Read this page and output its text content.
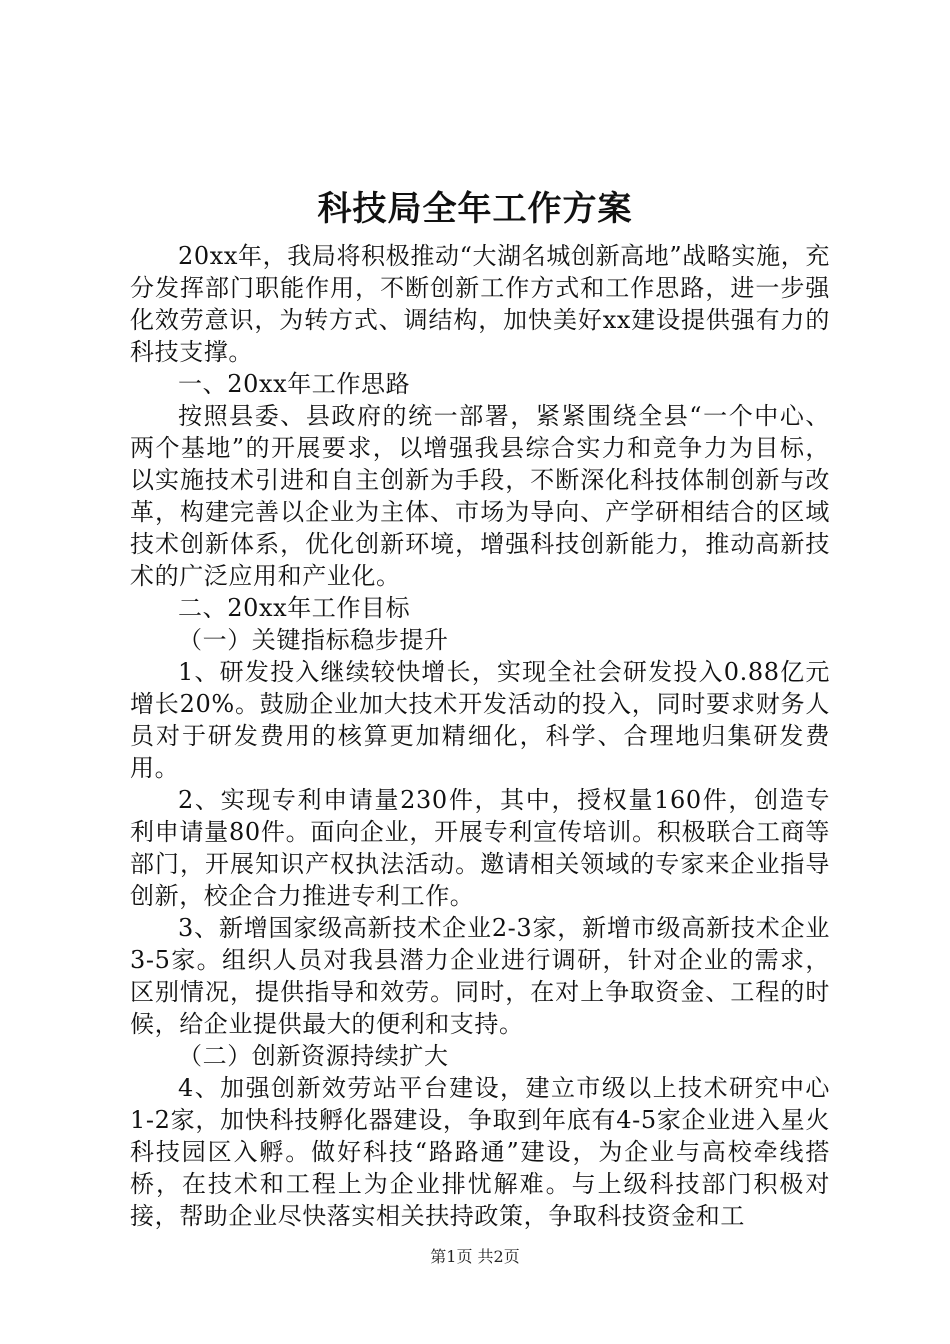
科技局全年工作方案

20xx年，我局将积极推动“大湖名城创新高地”战略实施，充分发挥部门职能作用，不断创新工作方式和工作思路，进一步强化效劳意识，为转方式、调结构，加快美好xx建设提供强有力的科技支撑。

一、20xx年工作思路

按照县委、县政府的统一部署，紧紧围绕全县“一个中心、两个基地”的开展要求，以增强我县综合实力和竞争力为目标，以实施技术引进和自主创新为手段，不断深化科技体制创新与改革，构建完善以企业为主体、市场为导向、产学研相结合的区域技术创新体系，优化创新环境，增强科技创新能力，推动高新技术的广泛应用和产业化。

二、20xx年工作目标

（一）关键指标稳步提升

1、研发投入继续较快增长，实现全社会研发投入0.88亿元增长20%。鼓励企业加大技术开发活动的投入，同时要求财务人员对于研发费用的核算更加精细化，科学、合理地归集研发费用。

2、实现专利申请量230件，其中，授权量160件，创造专利申请量80件。面向企业，开展专利宣传培训。积极联合工商等部门，开展知识产权执法活动。邀请相关领域的专家来企业指导创新，校企合力推进专利工作。

3、新增国家级高新技术企业2-3家，新增市级高新技术企业3-5家。组织人员对我县潜力企业进行调研，针对企业的需求，区别情况，提供指导和效劳。同时，在对上争取资金、工程的时候，给企业提供最大的便利和支持。

（二）创新资源持续扩大

4、加强创新效劳站平台建设，建立市级以上技术研究中心1-2家，加快科技孵化器建设，争取到年底有4-5家企业进入星火科技园区入孵。做好科技“路路通”建设，为企业与高校牵线搭桥，在技术和工程上为企业排忧解难。与上级科技部门积极对接，帮助企业尽快落实相关扶持政策，争取科技资金和工

第1页 共2页
